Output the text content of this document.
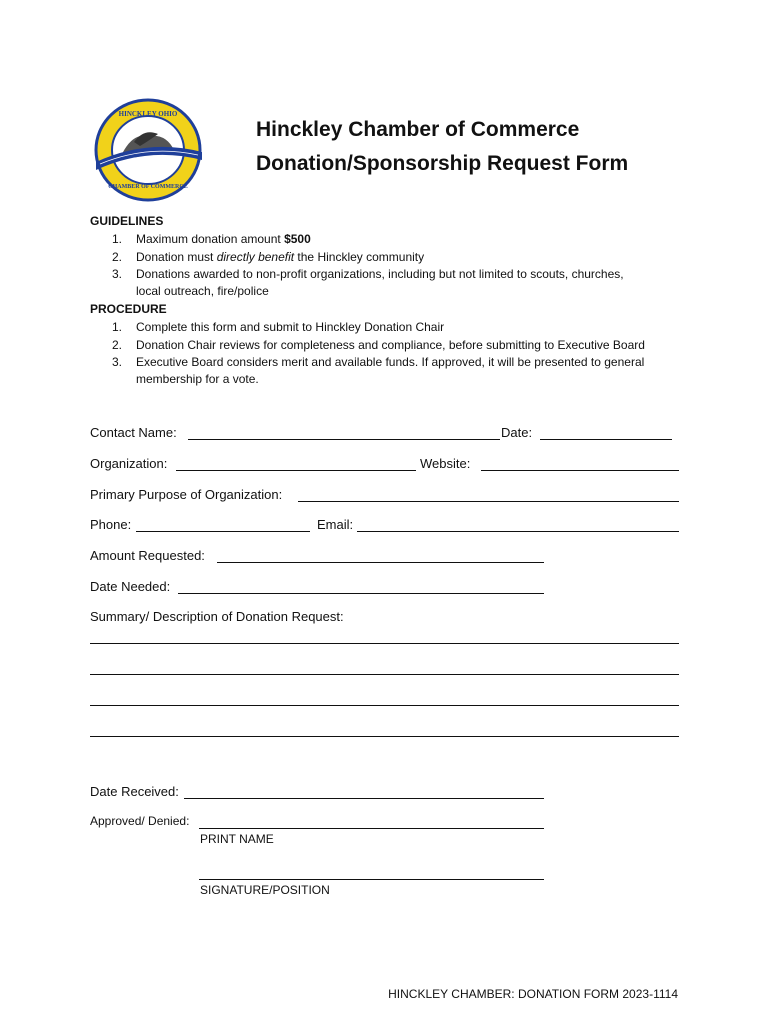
HINCKLEY OHIO
CHAMBER OF COMMERCE
Hinckley Chamber of Commerce
Donation/Sponsorship Request Form
GUIDELINES
1. Maximum donation amount $500
2. Donation must directly benefit the Hinckley community
3. Donations awarded to non-profit organizations, including but not limited to scouts, churches,
local outreach, fire/police
PROCEDURE
1. Complete this form and submit to Hinckley Donation Chair
2. Donation Chair reviews for completeness and compliance, before submitting to Executive Board
3. Executive Board considers merit and available funds. If approved, it will be presented to general
membership for a vote.
Contact Name:	Date:
Organization:	Website:
Primary Purpose of Organization:
Phone:	Email:
Amount Requested:
Date Needed:
Summary/ Description of Donation Request:
Date Received:
Approved/ Denied:
PRINT NAME
SIGNATURE/POSITION
HINCKLEY CHAMBER: DONATION FORM 2023-1114
